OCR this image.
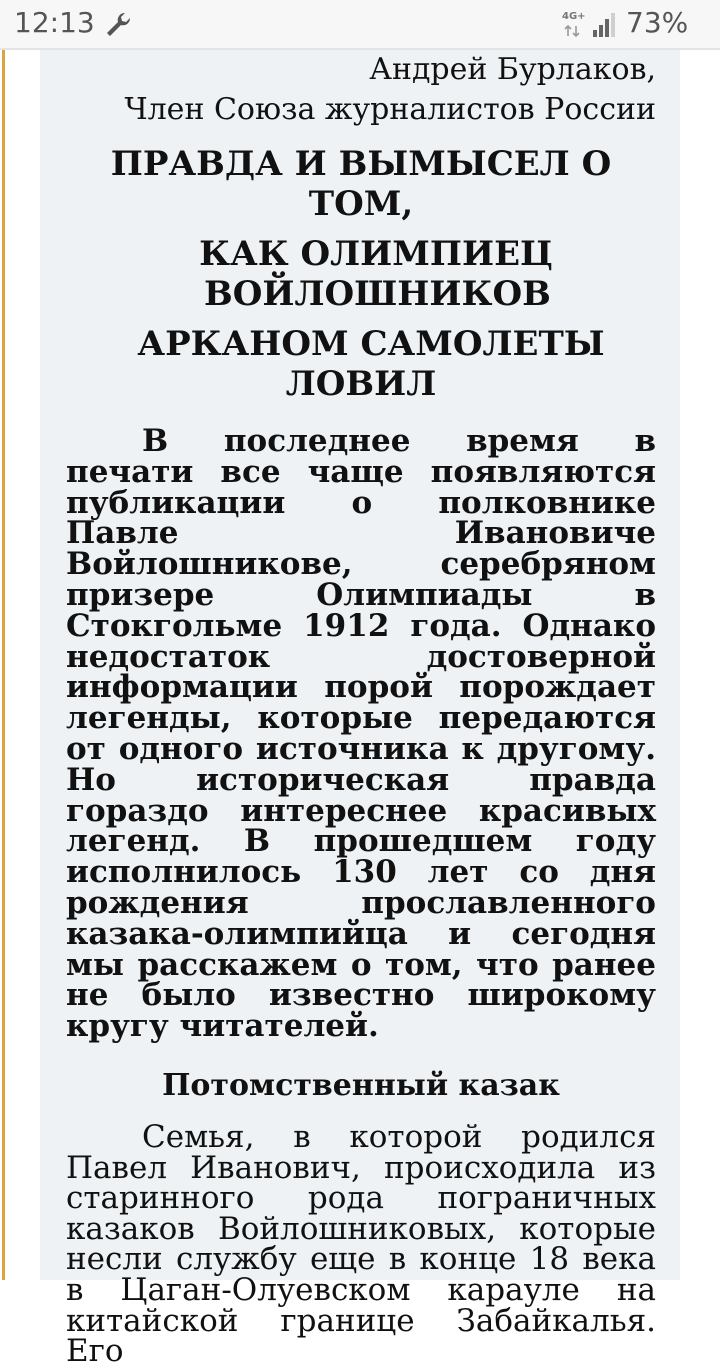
12:13	4G+ 73%
Андрей Бурлаков,
Член Союза журналистов России
ПРАВДА И ВЫМЫСЕЛ О
ТОМ,
КАК ОЛИМПИЕЦ
ВОЙЛОШНИКОВ
АРКАНОМ САМОЛЕТЫ
ЛОВИЛ

В последнее время в печати все чаще появляются публикации о полковнике Павле Ивановиче Войлошникове, серебряном призере Олимпиады в Стокгольме 1912 года. Однако недостаток достоверной информации порой порождает легенды, которые передаются от одного источника к другому. Но историческая правда гораздо интереснее красивых легенд. В прошедшем году исполнилось 130 лет со дня рождения прославленного казака-олимпийца и сегодня мы расскажем о том, что ранее не было известно широкому кругу читателей.

Потомственный казак

Семья, в которой родился Павел Иванович, происходила из старинного рода пограничных казаков Войлошниковых, которые несли службу еще в конце 18 века в Цаган-Олуевском карауле на китайской границе Забайкалья. Его
